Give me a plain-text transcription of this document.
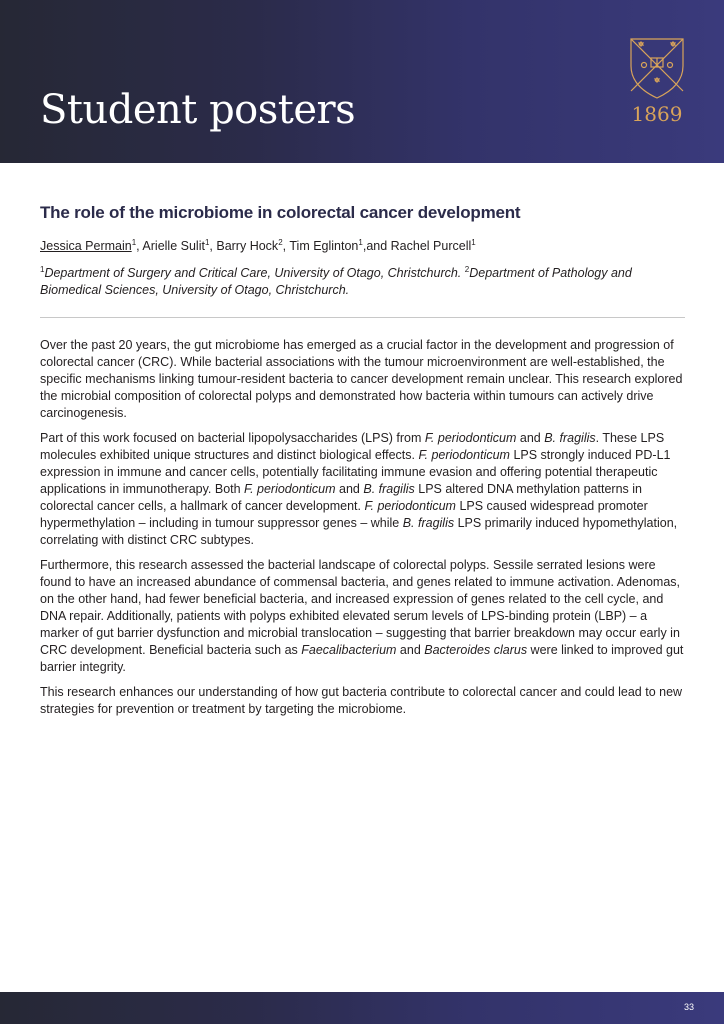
Student posters	1869
The role of the microbiome in colorectal cancer development

Jessica Permain$^1$, Arielle Sulit$^1$, Barry Hock$^2$, Tim Eglinton$^1$,and Rachel Purcell$^1$

$^1$Department of Surgery and Critical Care, University of Otago, Christchurch. $^2$Department of Pathology and Biomedical Sciences, University of Otago, Christchurch.

Over the past 20 years, the gut microbiome has emerged as a crucial factor in the development and progression of colorectal cancer (CRC). While bacterial associations with the tumour microenvironment are well-established, the specific mechanisms linking tumour-resident bacteria to cancer development remain unclear. This research explored the microbial composition of colorectal polyps and demonstrated how bacteria within tumours can actively drive carcinogenesis.

Part of this work focused on bacterial lipopolysaccharides (LPS) from F. periodonticum and B. fragilis. These LPS molecules exhibited unique structures and distinct biological effects. F. periodonticum LPS strongly induced PD-L1 expression in immune and cancer cells, potentially facilitating immune evasion and offering potential therapeutic applications in immunotherapy. Both F. periodonticum and B. fragilis LPS altered DNA methylation patterns in colorectal cancer cells, a hallmark of cancer development. F. periodonticum LPS caused widespread promoter hypermethylation – including in tumour suppressor genes – while B. fragilis LPS primarily induced hypomethylation, correlating with distinct CRC subtypes.

Furthermore, this research assessed the bacterial landscape of colorectal polyps. Sessile serrated lesions were found to have an increased abundance of commensal bacteria, and genes related to immune activation. Adenomas, on the other hand, had fewer beneficial bacteria, and increased expression of genes related to the cell cycle, and DNA repair. Additionally, patients with polyps exhibited elevated serum levels of LPS-binding protein (LBP) – a marker of gut barrier dysfunction and microbial translocation – suggesting that barrier breakdown may occur early in CRC development. Beneficial bacteria such as Faecalibacterium and Bacteroides clarus were linked to improved gut barrier integrity.

This research enhances our understanding of how gut bacteria contribute to colorectal cancer and could lead to new strategies for prevention or treatment by targeting the microbiome.

33
